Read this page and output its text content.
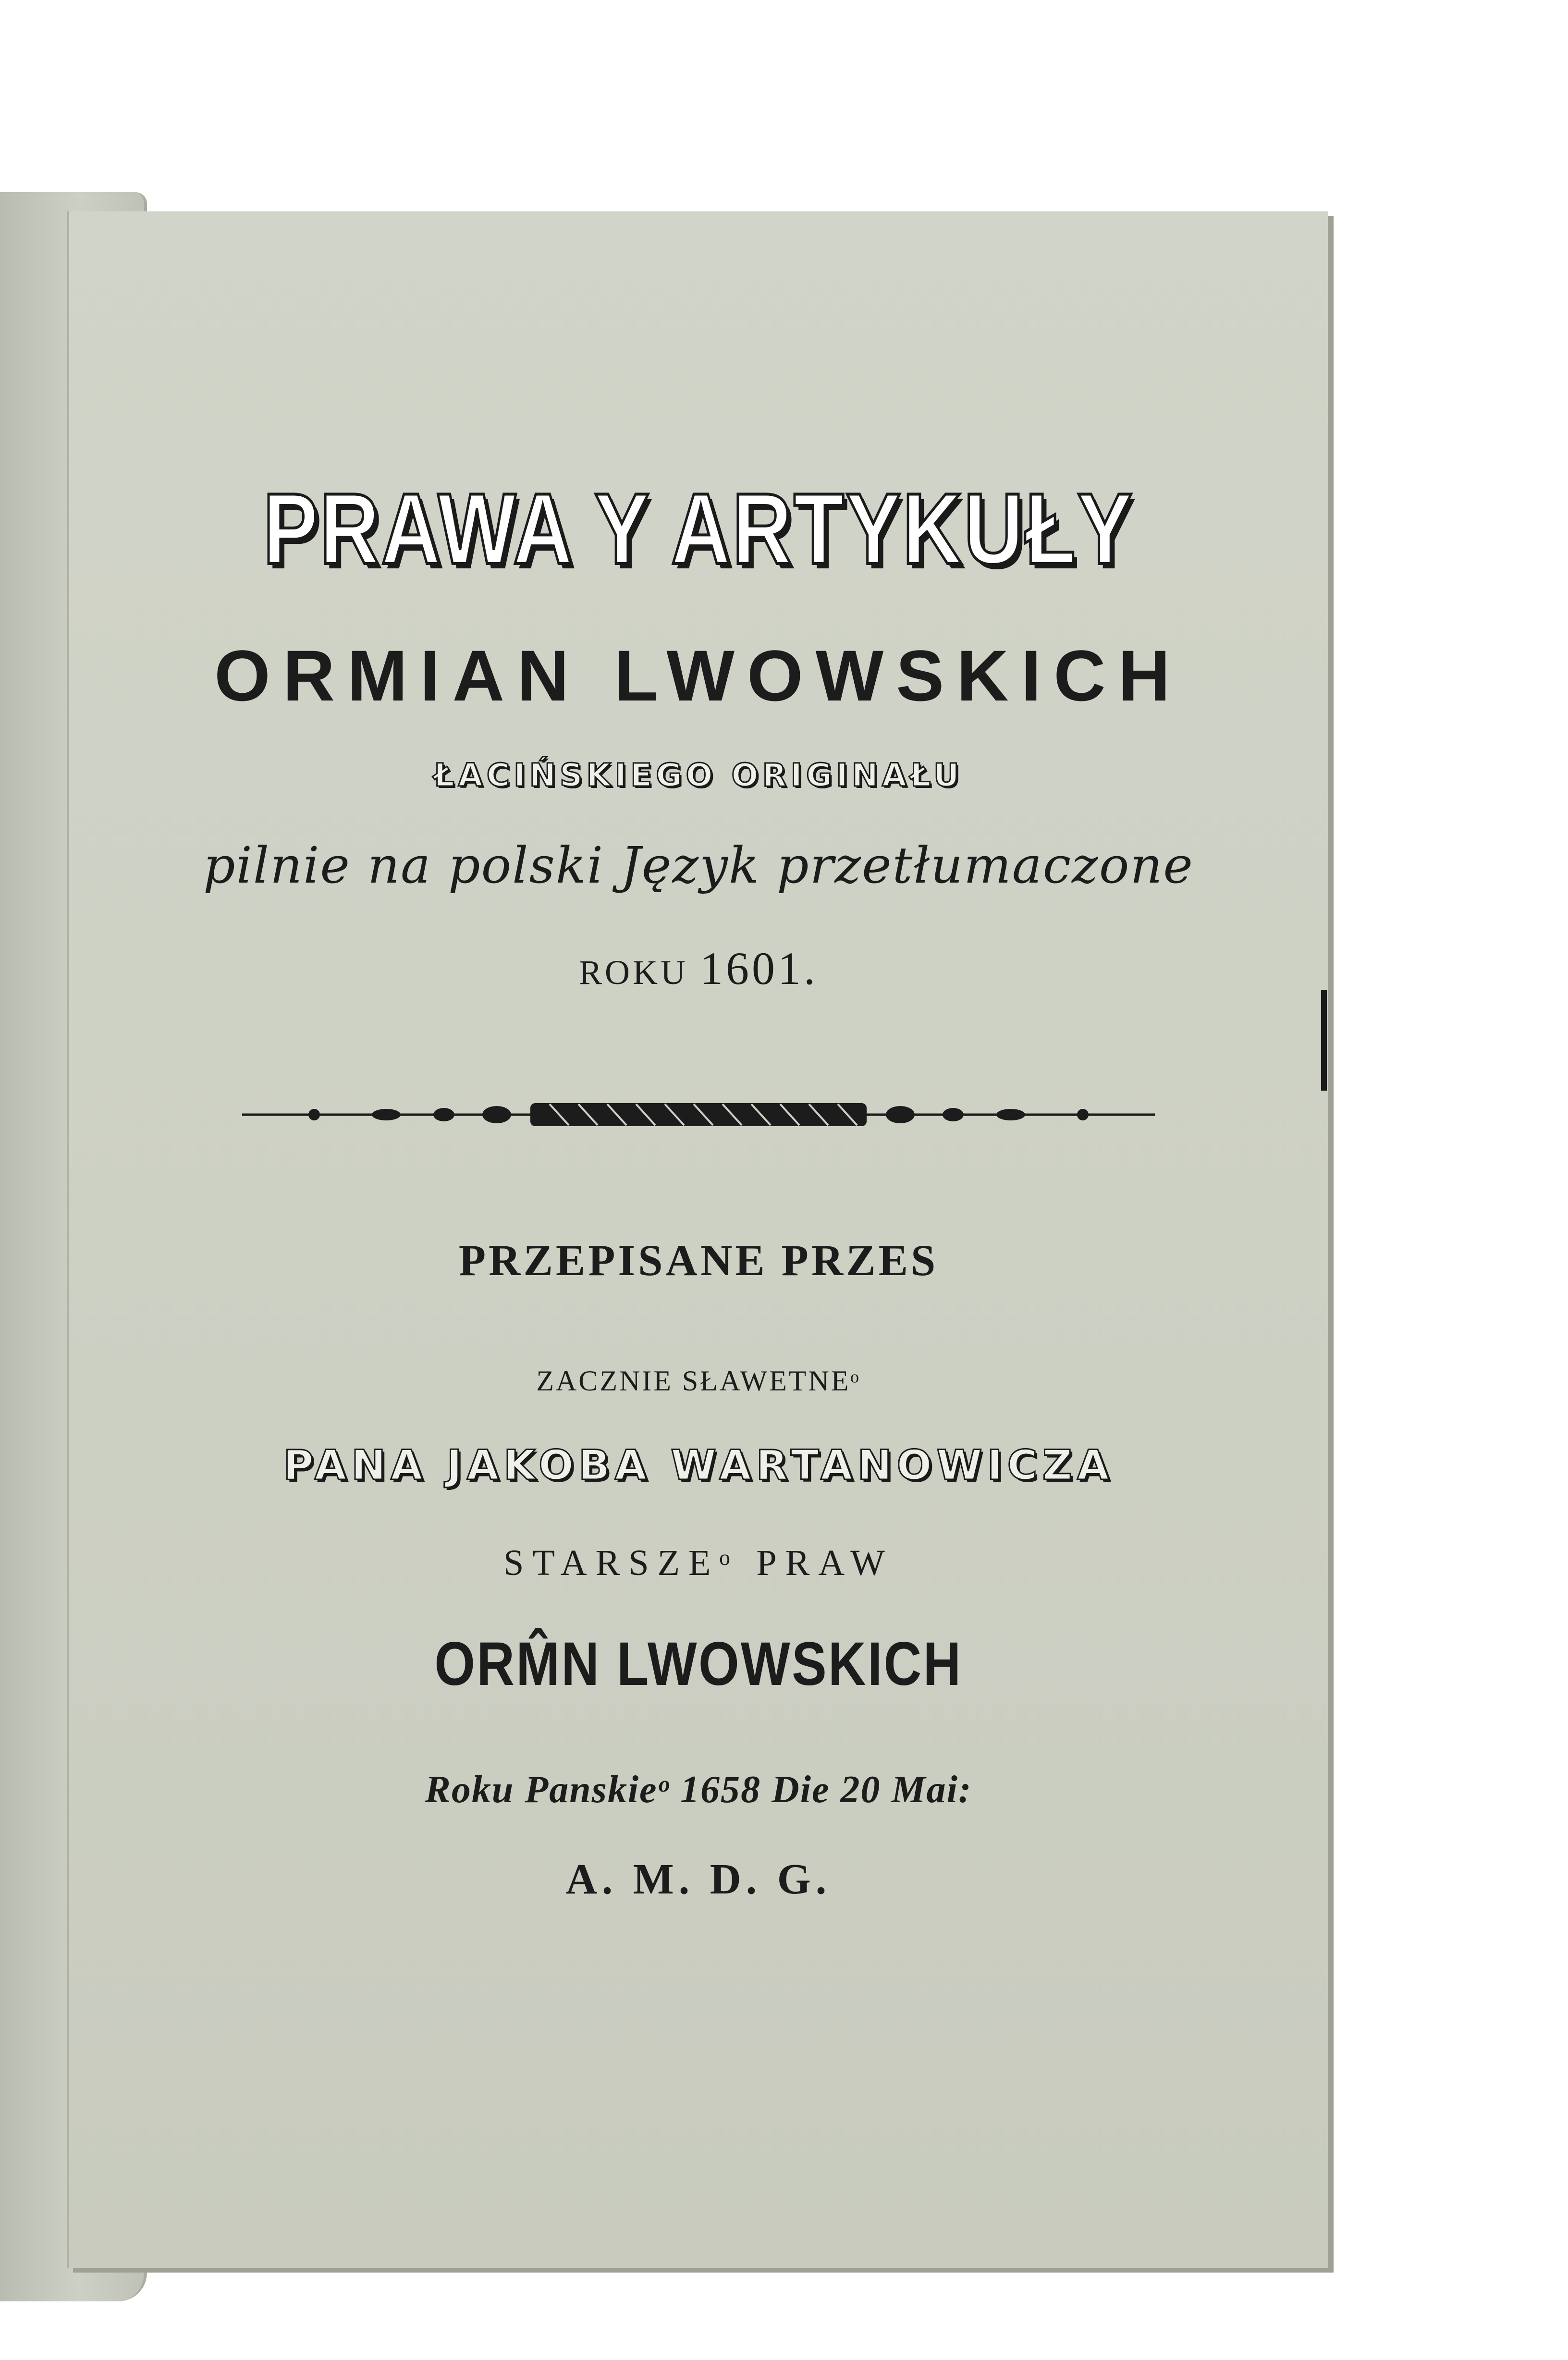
PRAWA Y ARTYKUŁY
ORMIAN LWOWSKICH
ŁACIŃSKIEGO ORIGINAŁU
pilnie na polski Język przetłumaczone
ROKU 1601.
PRZEPISANE PRZES
ZACZNIE SŁAWETNEᵒ
PANA JAKOBA WARTANOWICZA
STARSZEᵒ PRAW
ORM̂N LWOWSKICH
Roku Panskieᵒ 1658 Die 20 Mai:
A. M. D. G.
